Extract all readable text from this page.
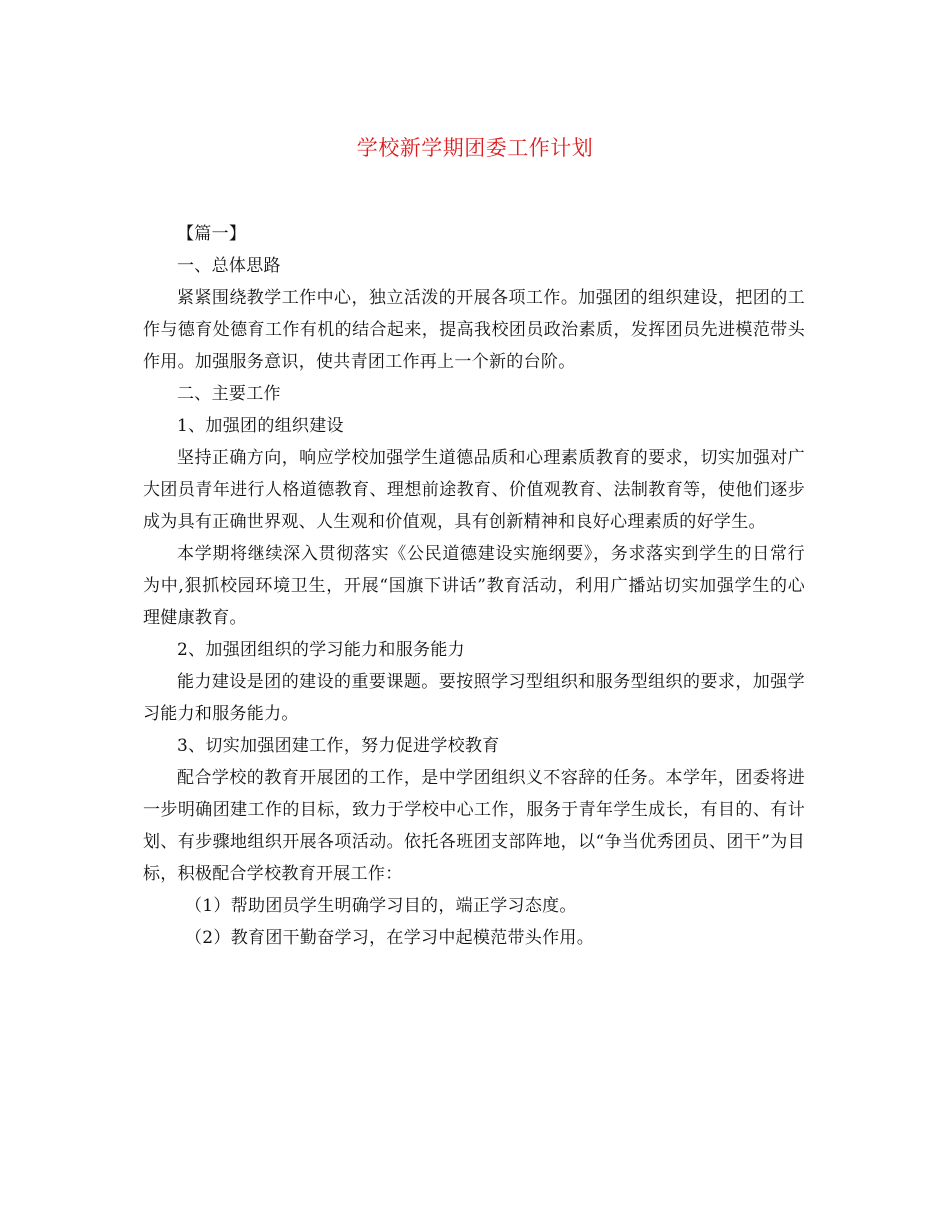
学校新学期团委工作计划

【篇一】

一、总体思路

紧紧围绕教学工作中心，独立活泼的开展各项工作。加强团的组织建设，把团的工作与德育处德育工作有机的结合起来，提高我校团员政治素质，发挥团员先进模范带头作用。加强服务意识，使共青团工作再上一个新的台阶。

二、主要工作

1、加强团的组织建设

坚持正确方向，响应学校加强学生道德品质和心理素质教育的要求，切实加强对广大团员青年进行人格道德教育、理想前途教育、价值观教育、法制教育等，使他们逐步成为具有正确世界观、人生观和价值观，具有创新精神和良好心理素质的好学生。

本学期将继续深入贯彻落实《公民道德建设实施纲要》，务求落实到学生的日常行为中,狠抓校园环境卫生，开展“国旗下讲话”教育活动，利用广播站切实加强学生的心理健康教育。

2、加强团组织的学习能力和服务能力

能力建设是团的建设的重要课题。要按照学习型组织和服务型组织的要求，加强学习能力和服务能力。

3、切实加强团建工作，努力促进学校教育

配合学校的教育开展团的工作，是中学团组织义不容辞的任务。本学年，团委将进一步明确团建工作的目标，致力于学校中心工作，服务于青年学生成长，有目的、有计划、有步骤地组织开展各项活动。依托各班团支部阵地，以“争当优秀团员、团干”为目标，积极配合学校教育开展工作：

（1）帮助团员学生明确学习目的，端正学习态度。

（2）教育团干勤奋学习，在学习中起模范带头作用。
